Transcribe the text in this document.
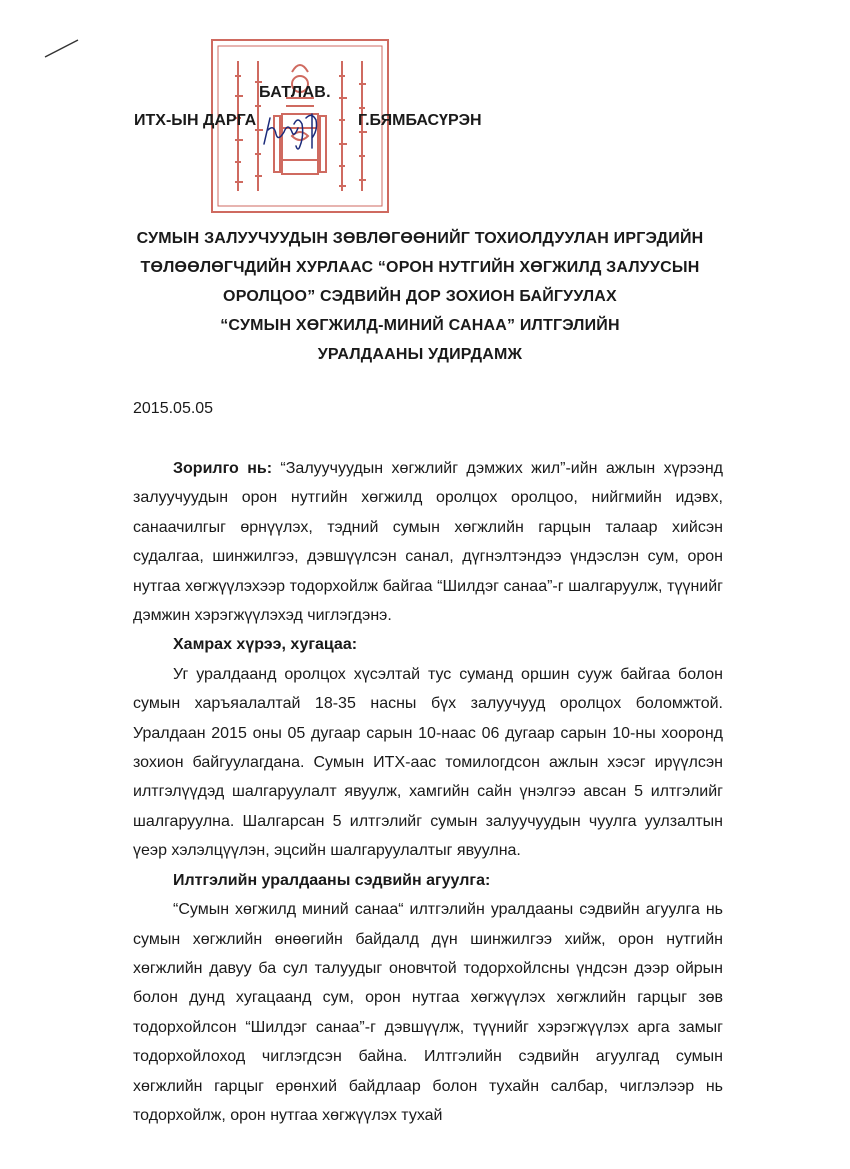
БАТЛАВ.
ИТХ-ЫН ДАРГА	Г.БЯМБАСҮРЭН
СУМЫН ЗАЛУУЧУУДЫН ЗӨВЛӨГӨӨНИЙГ ТОХИОЛДУУЛАН ИРГЭДИЙН
ТӨЛӨӨЛӨГЧДИЙН ХУРЛААС “ОРОН НУТГИЙН ХӨГЖИЛД ЗАЛУУСЫН
ОРОЛЦОО” СЭДВИЙН ДОР ЗОХИОН БАЙГУУЛАХ
“СУМЫН ХӨГЖИЛД-МИНИЙ САНАА” ИЛТГЭЛИЙН
УРАЛДААНЫ УДИРДАМЖ
2015.05.05

Зорилго нь: “Залуучуудын хөгжлийг дэмжих жил”-ийн ажлын хүрээнд залуучуудын орон нутгийн хөгжилд оролцох оролцоо, нийгмийн идэвх, санаачилгыг өрнүүлэх, тэдний сумын хөгжлийн гарцын талаар хийсэн судалгаа, шинжилгээ, дэвшүүлсэн санал, дүгнэлтэндээ үндэслэн сум, орон нутгаа хөгжүүлэхээр тодорхойлж байгаа “Шилдэг санаа”-г шалгаруулж, түүнийг дэмжин хэрэгжүүлэхэд чиглэгдэнэ.

Хамрах хүрээ, хугацаа:

Уг уралдаанд оролцох хүсэлтай тус суманд оршин сууж байгаа болон сумын харъяалалтай 18-35 насны бүх залуучууд оролцох боломжтой. Уралдаан 2015 оны 05 дугаар сарын 10-наас 06 дугаар сарын 10-ны хооронд зохион байгуулагдана. Сумын ИТХ-аас томилогдсон ажлын хэсэг ирүүлсэн илтгэлүүдэд шалгаруулалт явуулж, хамгийн сайн үнэлгээ авсан 5 илтгэлийг шалгаруулна. Шалгарсан 5 илтгэлийг сумын залуучуудын чуулга уулзалтын үеэр хэлэлцүүлэн, эцсийн шалгаруулалтыг явуулна.

Илтгэлийн уралдааны сэдвийн агуулга:

“Сумын хөгжилд миний санаа“ илтгэлийн уралдааны сэдвийн агуулга нь сумын хөгжлийн өнөөгийн байдалд дүн шинжилгээ хийж, орон нутгийн хөгжлийн давуу ба сул талуудыг оновчтой тодорхойлсны үндсэн дээр ойрын болон дунд хугацаанд сум, орон нутгаа хөгжүүлэх хөгжлийн гарцыг зөв тодорхойлсон “Шилдэг санаа”-г дэвшүүлж, түүнийг хэрэгжүүлэх арга замыг тодорхойлоход чиглэгдсэн байна. Илтгэлийн сэдвийн агуулгад сумын хөгжлийн гарцыг ерөнхий байдлаар болон тухайн салбар, чиглэлээр нь тодорхойлж, орон нутгаа хөгжүүлэх тухай
